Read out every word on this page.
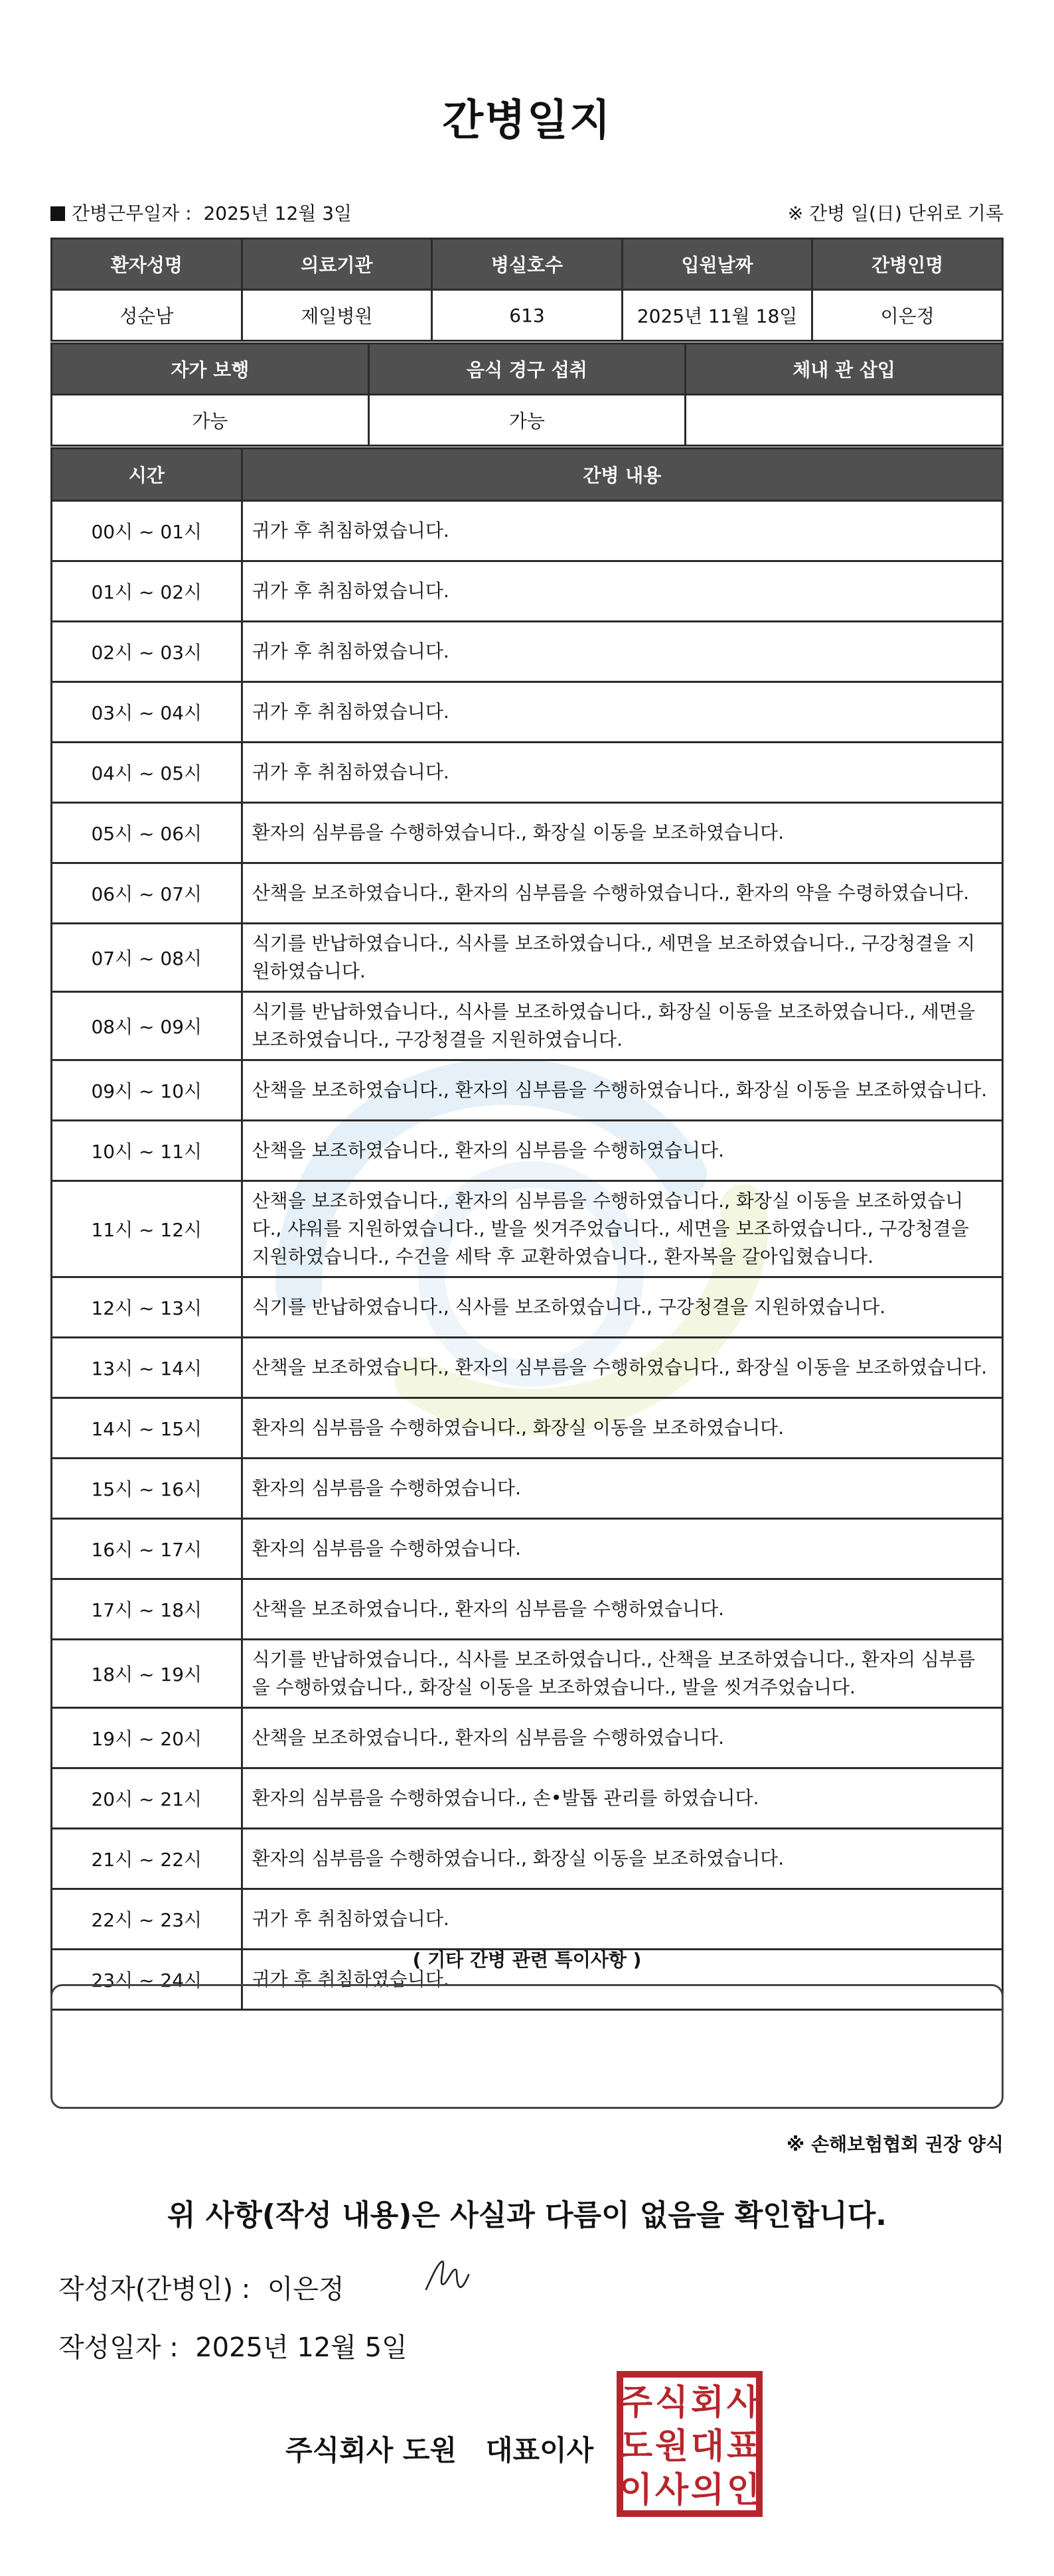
간병일지
간병근무일자 : 2025년 12월 3일	※ 간병 일(日) 단위로 기록
환자성명	의료기관	병실호수	입원날짜	간병인명
성순남	제일병원	613	2025년 11월 18일	이은정
자가 보행	음식 경구 섭취	체내 관 삽입
가능	가능	
시간	간병 내용
00시 ~ 01시	귀가 후 취침하였습니다.
01시 ~ 02시	귀가 후 취침하였습니다.
02시 ~ 03시	귀가 후 취침하였습니다.
03시 ~ 04시	귀가 후 취침하였습니다.
04시 ~ 05시	귀가 후 취침하였습니다.
05시 ~ 06시	환자의 심부름을 수행하였습니다., 화장실 이동을 보조하였습니다.
06시 ~ 07시	산책을 보조하였습니다., 환자의 심부름을 수행하였습니다., 환자의 약을 수령하였습니다.
07시 ~ 08시	식기를 반납하였습니다., 식사를 보조하였습니다., 세면을 보조하였습니다., 구강청결을 지원하였습니다.
08시 ~ 09시	식기를 반납하였습니다., 식사를 보조하였습니다., 화장실 이동을 보조하였습니다., 세면을 보조하였습니다., 구강청결을 지원하였습니다.
09시 ~ 10시	산책을 보조하였습니다., 환자의 심부름을 수행하였습니다., 화장실 이동을 보조하였습니다.
10시 ~ 11시	산책을 보조하였습니다., 환자의 심부름을 수행하였습니다.
11시 ~ 12시	산책을 보조하였습니다., 환자의 심부름을 수행하였습니다., 화장실 이동을 보조하였습니다., 샤워를 지원하였습니다., 발을 씻겨주었습니다., 세면을 보조하였습니다., 구강청결을 지원하였습니다., 수건을 세탁 후 교환하였습니다., 환자복을 갈아입혔습니다.
12시 ~ 13시	식기를 반납하였습니다., 식사를 보조하였습니다., 구강청결을 지원하였습니다.
13시 ~ 14시	산책을 보조하였습니다., 환자의 심부름을 수행하였습니다., 화장실 이동을 보조하였습니다.
14시 ~ 15시	환자의 심부름을 수행하였습니다., 화장실 이동을 보조하였습니다.
15시 ~ 16시	환자의 심부름을 수행하였습니다.
16시 ~ 17시	환자의 심부름을 수행하였습니다.
17시 ~ 18시	산책을 보조하였습니다., 환자의 심부름을 수행하였습니다.
18시 ~ 19시	식기를 반납하였습니다., 식사를 보조하였습니다., 산책을 보조하였습니다., 환자의 심부름을 수행하였습니다., 화장실 이동을 보조하였습니다., 발을 씻겨주었습니다.
19시 ~ 20시	산책을 보조하였습니다., 환자의 심부름을 수행하였습니다.
20시 ~ 21시	환자의 심부름을 수행하였습니다., 손•발톱 관리를 하였습니다.
21시 ~ 22시	환자의 심부름을 수행하였습니다., 화장실 이동을 보조하였습니다.
22시 ~ 23시	귀가 후 취침하였습니다.
23시 ~ 24시	귀가 후 취침하였습니다.
( 기타 간병 관련 특이사항 )
※ 손해보험협회 권장 양식
위 사항(작성 내용)은 사실과 다름이 없음을 확인합니다.
작성자(간병인) : 이은정
작성일자 : 2025년 12월 5일
주식회사 도원   대표이사
주 식 회 사
도 원 대 표
이 사 의 인
